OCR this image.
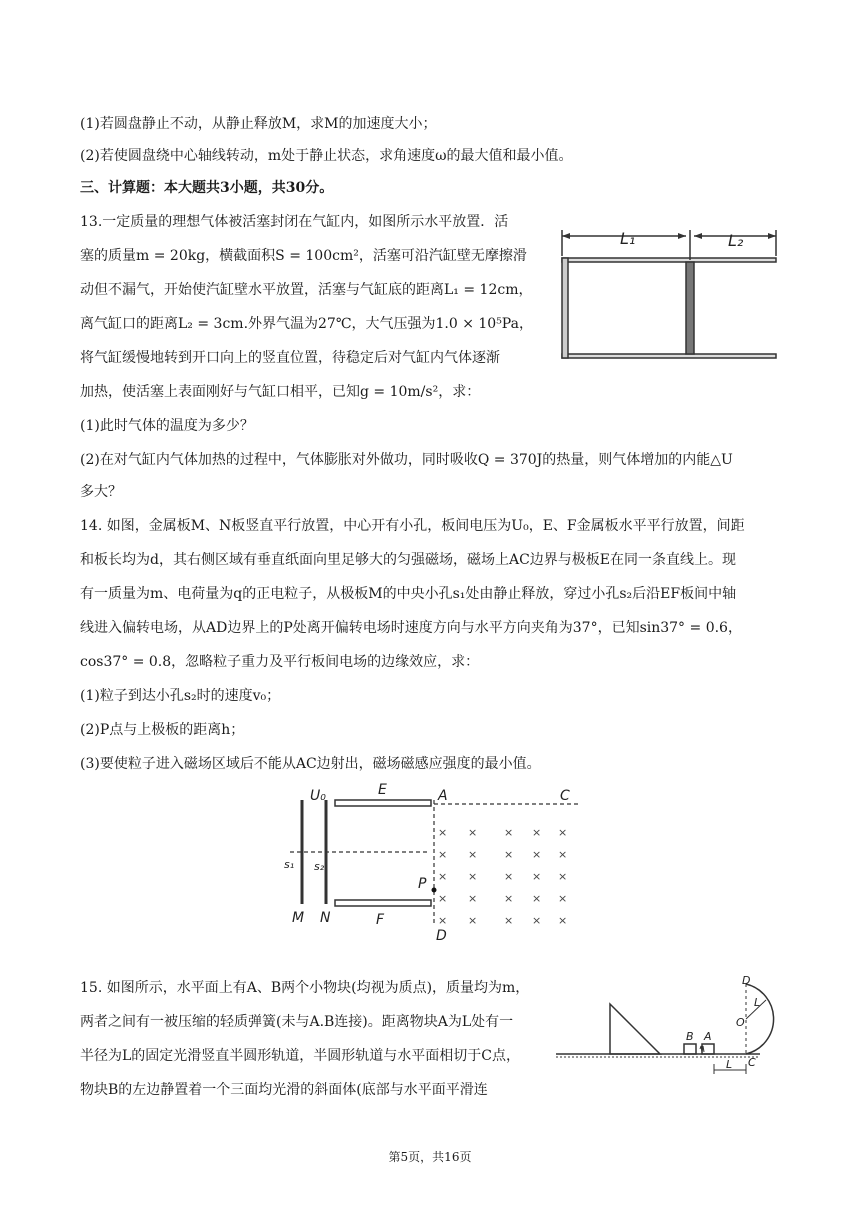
(1)若圆盘静止不动，从静止释放M，求M的加速度大小；
(2)若使圆盘绕中心轴线转动，m处于静止状态，求角速度ω的最大值和最小值。
三、计算题：本大题共3小题，共30分。
13.一定质量的理想气体被活塞封闭在气缸内，如图所示水平放置．活
塞的质量m = 20kg，横截面积S = 100cm²，活塞可沿汽缸壁无摩擦滑
动但不漏气，开始使汽缸壁水平放置，活塞与气缸底的距离L₁ = 12cm，
离气缸口的距离L₂ = 3cm.外界气温为27℃，大气压强为1.0 × 10⁵Pa，
将气缸缓慢地转到开口向上的竖直位置，待稳定后对气缸内气体逐渐
加热，使活塞上表面刚好与气缸口相平，已知g = 10m/s²，求：
(1)此时气体的温度为多少？
(2)在对气缸内气体加热的过程中，气体膨胀对外做功，同时吸收Q = 370J的热量，则气体增加的内能△U
多大？
L₁	L₂
14. 如图，金属板M、N板竖直平行放置，中心开有小孔，板间电压为U₀，E、F金属板水平平行放置，间距
和板长均为d，其右侧区域有垂直纸面向里足够大的匀强磁场，磁场上AC边界与极板E在同一条直线上。现
有一质量为m、电荷量为q的正电粒子，从极板M的中央小孔s₁处由静止释放，穿过小孔s₂后沿EF板间中轴
线进入偏转电场，从AD边界上的P处离开偏转电场时速度方向与水平方向夹角为37°，已知sin37° = 0.6，
cos37° = 0.8，忽略粒子重力及平行板间电场的边缘效应，求：
(1)粒子到达小孔s₂时的速度v₀；
(2)P点与上极板的距离h；
(3)要使粒子进入磁场区域后不能从AC边射出，磁场磁感应强度的最小值。
U₀	E	A	C
s₁ s₂
P
M N	F
D
× × × × ×
× × × × ×
× × × × ×
× × × × ×
× × × × ×
15. 如图所示，水平面上有A、B两个小物块(均视为质点)，质量均为m，
两者之间有一被压缩的轻质弹簧(未与A.B连接)。距离物块A为L处有一
半径为L的固定光滑竖直半圆形轨道，半圆形轨道与水平面相切于C点，
物块B的左边静置着一个三面均光滑的斜面体(底部与水平面平滑连
D
L
O
B A
C
L
第5页，共16页
